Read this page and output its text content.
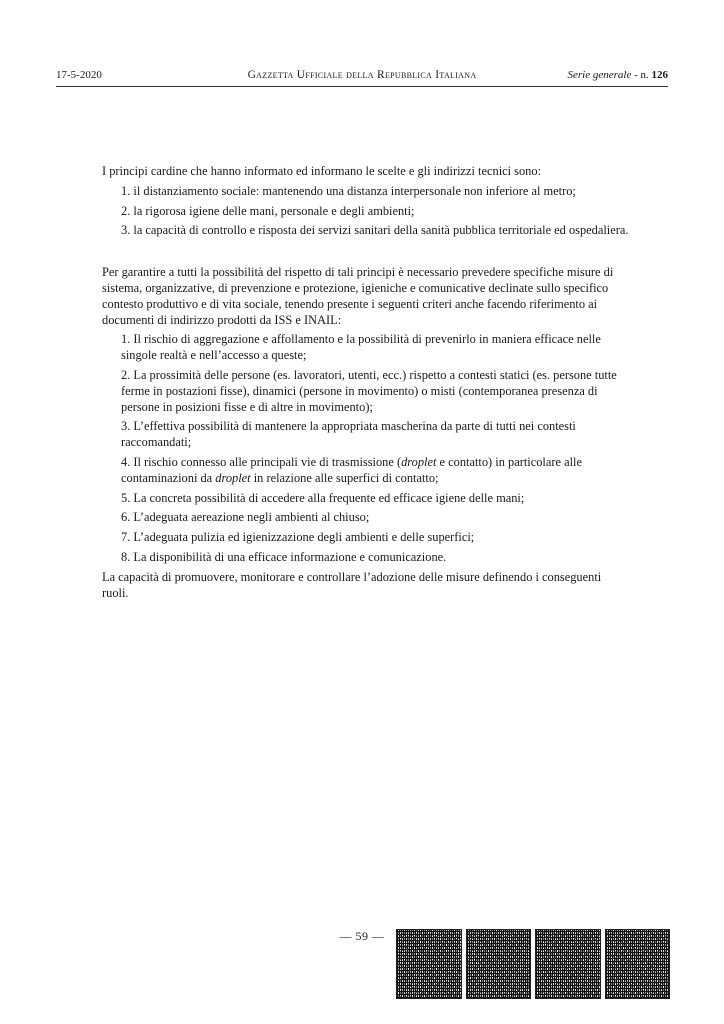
17-5-2020	Gazzetta Ufficiale della Repubblica Italiana	Serie generale - n. 126

I principi cardine che hanno informato ed informano le scelte e gli indirizzi tecnici sono:

1. il distanziamento sociale: mantenendo una distanza interpersonale non inferiore al metro;
2. la rigorosa igiene delle mani, personale e degli ambienti;
3. la capacità di controllo e risposta dei servizi sanitari della sanità pubblica territoriale ed ospedaliera.

Per garantire a tutti la possibilità del rispetto di tali principi è necessario prevedere specifiche misure di sistema, organizzative, di prevenzione e protezione, igieniche e comunicative declinate sullo specifico contesto produttivo e di vita sociale, tenendo presente i seguenti criteri anche facendo riferimento ai documenti di indirizzo prodotti da ISS e INAIL:

1. Il rischio di aggregazione e affollamento e la possibilità di prevenirlo in maniera efficace nelle singole realtà e nell’accesso a queste;
2. La prossimità delle persone (es. lavoratori, utenti, ecc.) rispetto a contesti statici (es. persone tutte ferme in postazioni fisse), dinamici (persone in movimento) o misti (contemporanea presenza di persone in posizioni fisse e di altre in movimento);
3. L’effettiva possibilità di mantenere la appropriata mascherina da parte di tutti nei contesti raccomandati;
4. Il rischio connesso alle principali vie di trasmissione (droplet e contatto) in particolare alle contaminazioni da droplet in relazione alle superfici di contatto;
5. La concreta possibilità di accedere alla frequente ed efficace igiene delle mani;
6. L’adeguata aereazione negli ambienti al chiuso;
7. L’adeguata pulizia ed igienizzazione degli ambienti e delle superfici;
8. La disponibilità di una efficace informazione e comunicazione.

La capacità di promuovere, monitorare e controllare l’adozione delle misure definendo i conseguenti ruoli.

— 59 —
